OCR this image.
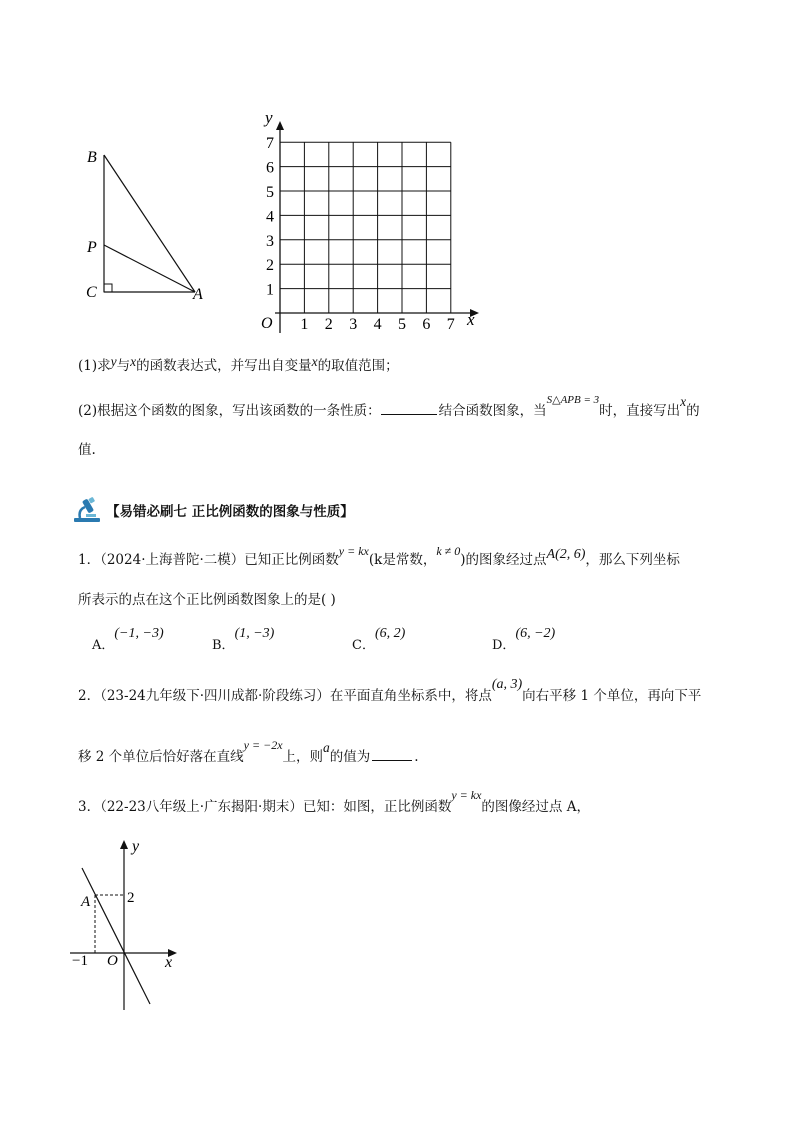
B
P
C	A
y
x
O 1 2 3 4 5 6 7
1
2
3
4
5
6
7
(1)求y与x的函数表达式，并写出自变量x的取值范围；
(2)根据这个函数的图象，写出该函数的一条性质：	结合函数图象，当$^{S\triangle APB = 3}$时，直接写出x的
值.
【易错必刷七 正比例函数的图象与性质】
1．（2024·上海普陀·二模）已知正比例函数y = kx(k是常数，k ≠ 0)的图象经过点A(2, 6)，那么下列坐标
所表示的点在这个正比例函数图象上的是( )
A．(−1, −3)
B．(1, −3)
C．(6, 2)
D．(6, −2)
2．（23-24九年级下·四川成都·阶段练习）在平面直角坐标系中，将点(a, 3)向右平移 1 个单位，再向下平
移 2 个单位后恰好落在直线y = −2x上，则a的值为	.
3．（22-23八年级上·广东揭阳·期末）已知：如图，正比例函数y = kx的图像经过点 A，
y
x
O
A 2
−1
